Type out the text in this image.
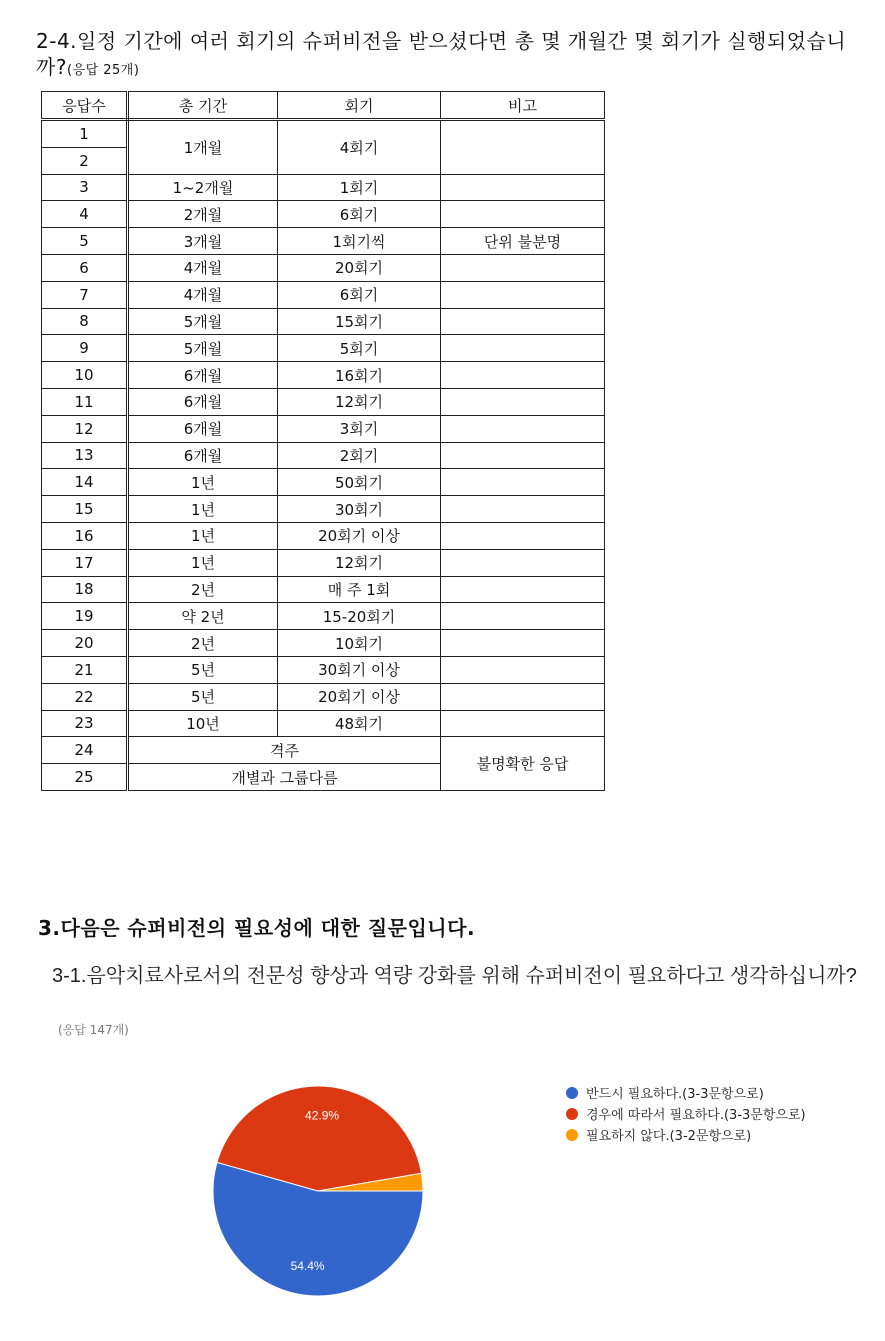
2-4.일정 기간에 여러 회기의 슈퍼비전을 받으셨다면 총 몇 개월간 몇 회기가 실행되었습니까?(응답 25개)
응답수	총 기간	회기	비고
1	1개월	4회기	
2			
3	1~2개월	1회기	
4	2개월	6회기	
5	3개월	1회기씩	단위 불분명
6	4개월	20회기	
7	4개월	6회기	
8	5개월	15회기	
9	5개월	5회기	
10	6개월	16회기	
11	6개월	12회기	
12	6개월	3회기	
13	6개월	2회기	
14	1년	50회기	
15	1년	30회기	
16	1년	20회기 이상	
17	1년	12회기	
18	2년	매 주 1회	
19	약 2년	15-20회기	
20	2년	10회기	
21	5년	30회기 이상	
22	5년	20회기 이상	
23	10년	48회기	
24	격주		불명확한 응답
25	개별과 그룹다름		
3.다음은 슈퍼비전의 필요성에 대한 질문입니다.
3-1.음악치료사로서의 전문성 향상과 역량 강화를 위해 슈퍼비전이 필요하다고 생각하십니까?
(응답 147개)
54.4%
42.9%
반드시 필요하다.(3-3문항으로)
경우에 따라서 필요하다.(3-3문항으로)
필요하지 않다.(3-2문항으로)
